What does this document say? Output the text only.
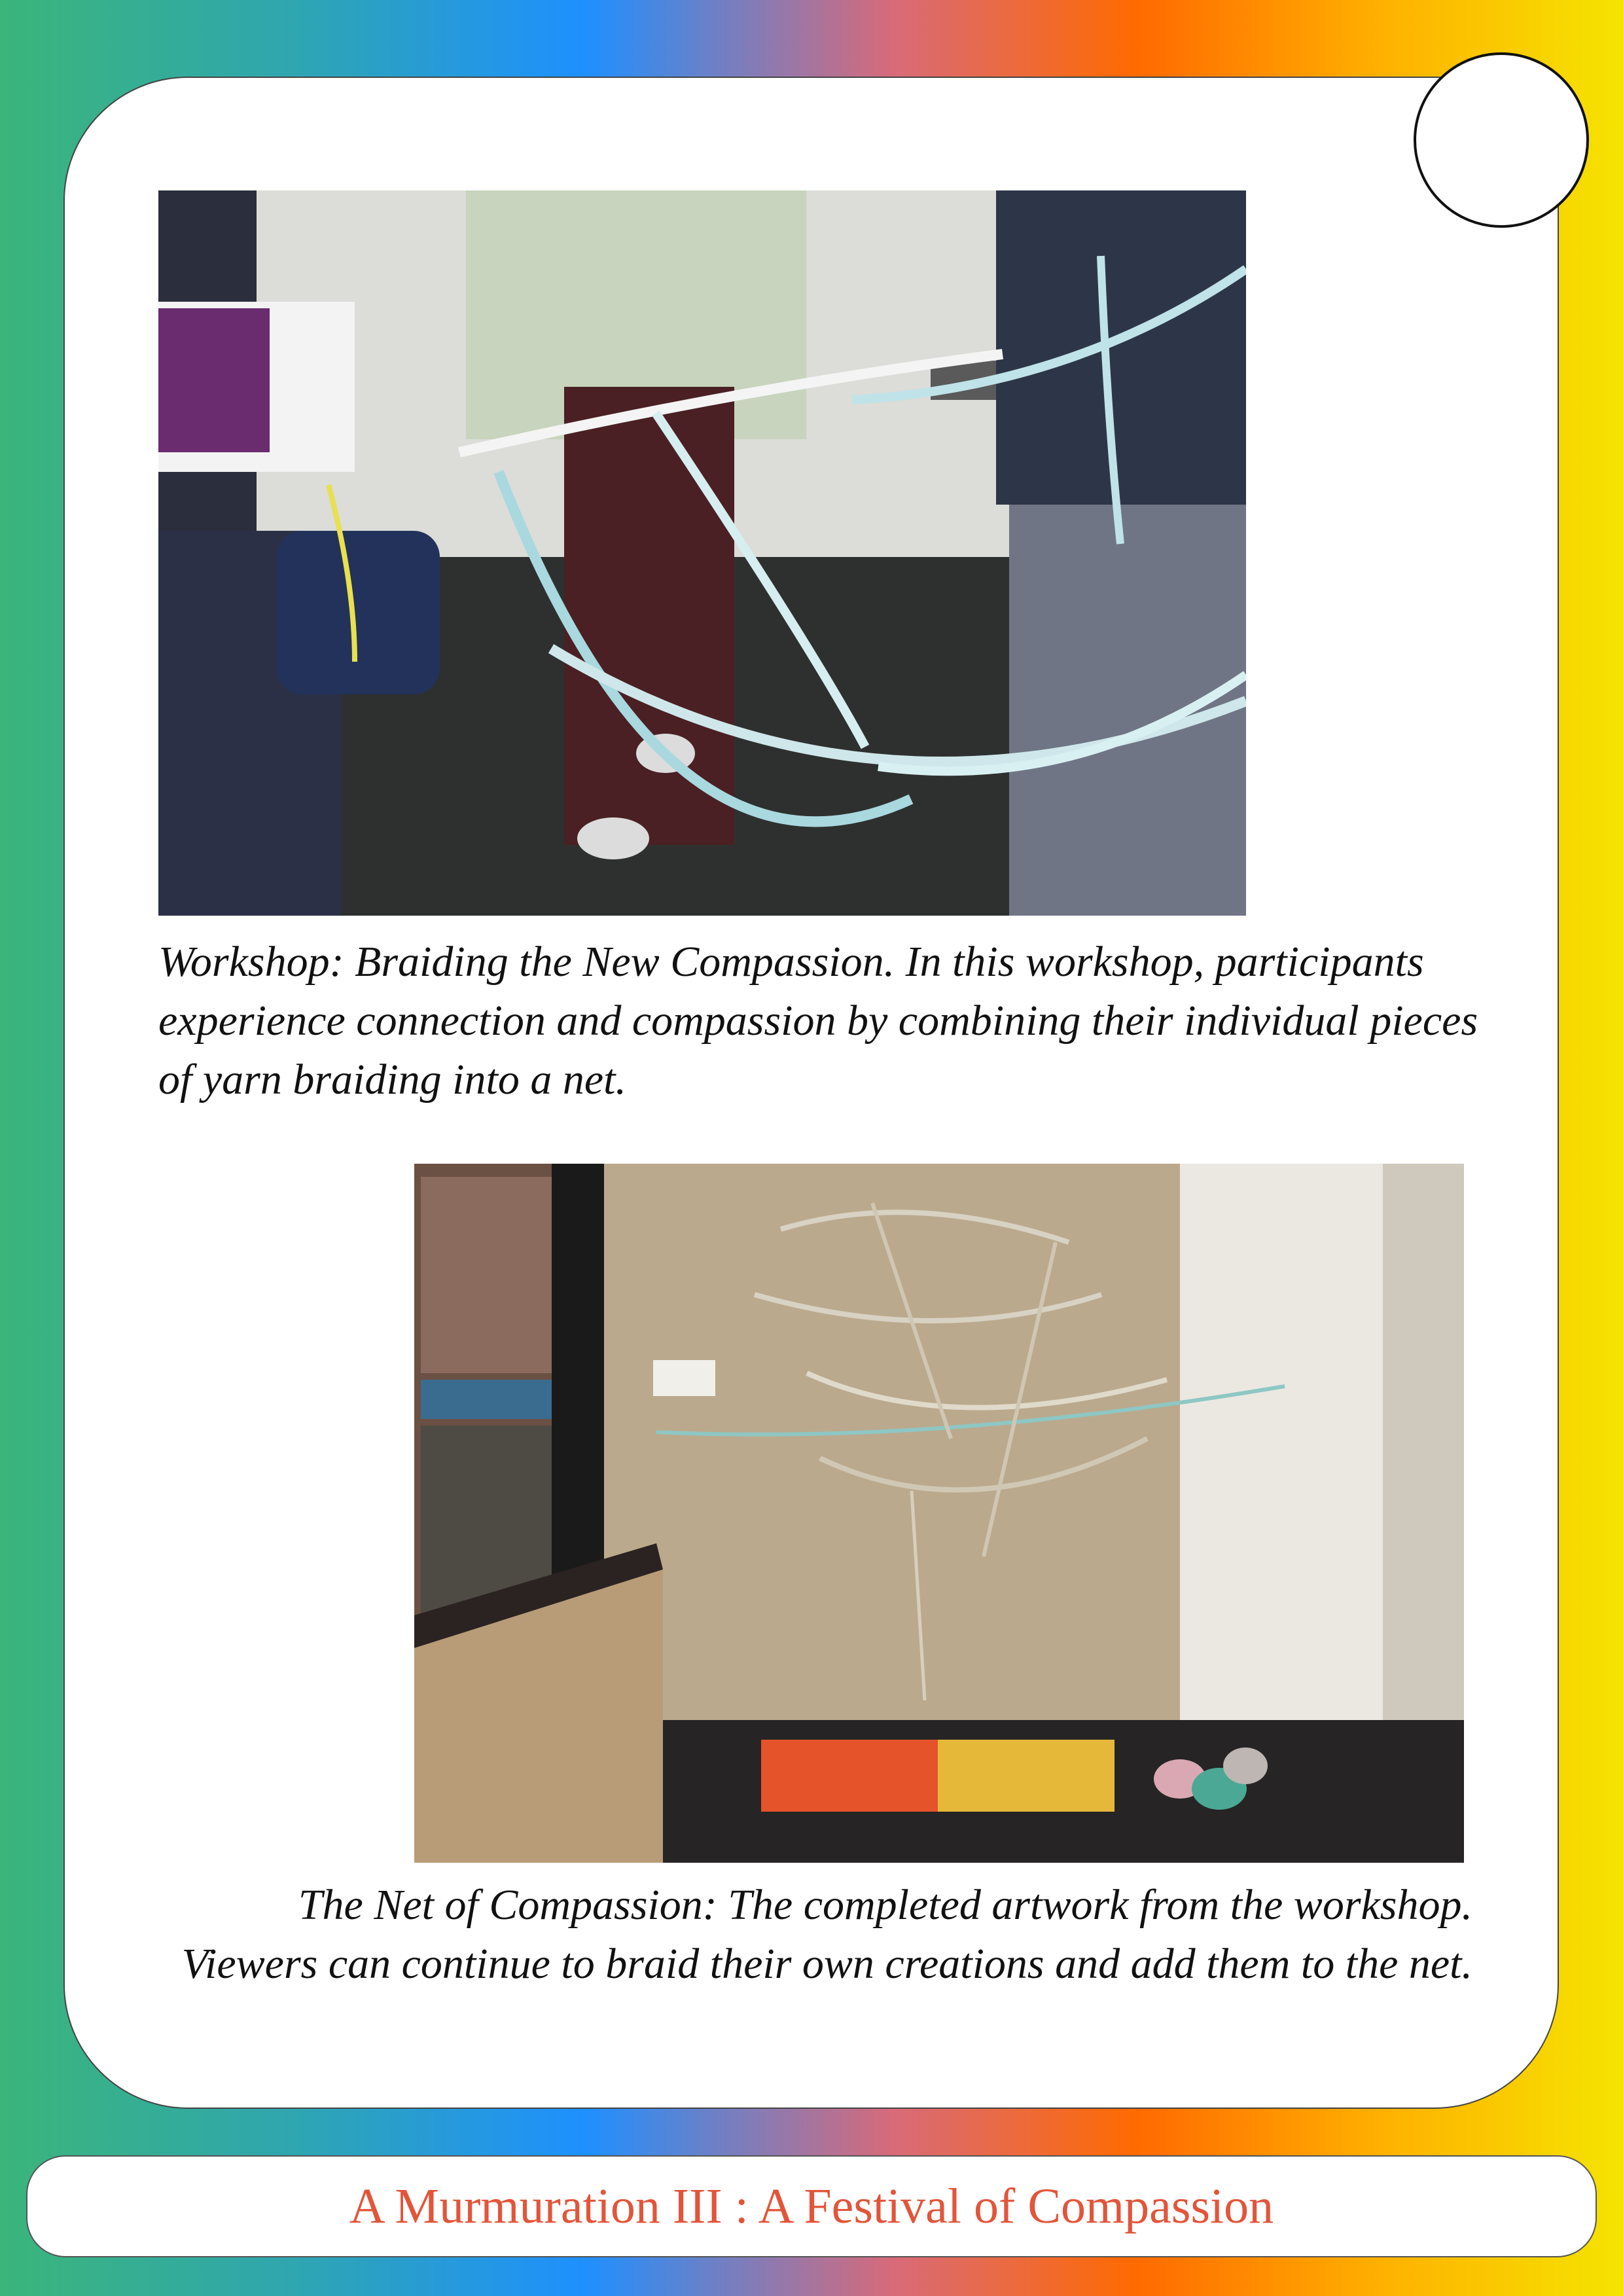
Workshop: Braiding the New Compassion. In this workshop, participants experience connection and compassion by combining their individual pieces of yarn braiding into a net.

The Net of Compassion: The completed artwork from the workshop. Viewers can continue to braid their own creations and add them to the net.

A Murmuration III : A Festival of Compassion
